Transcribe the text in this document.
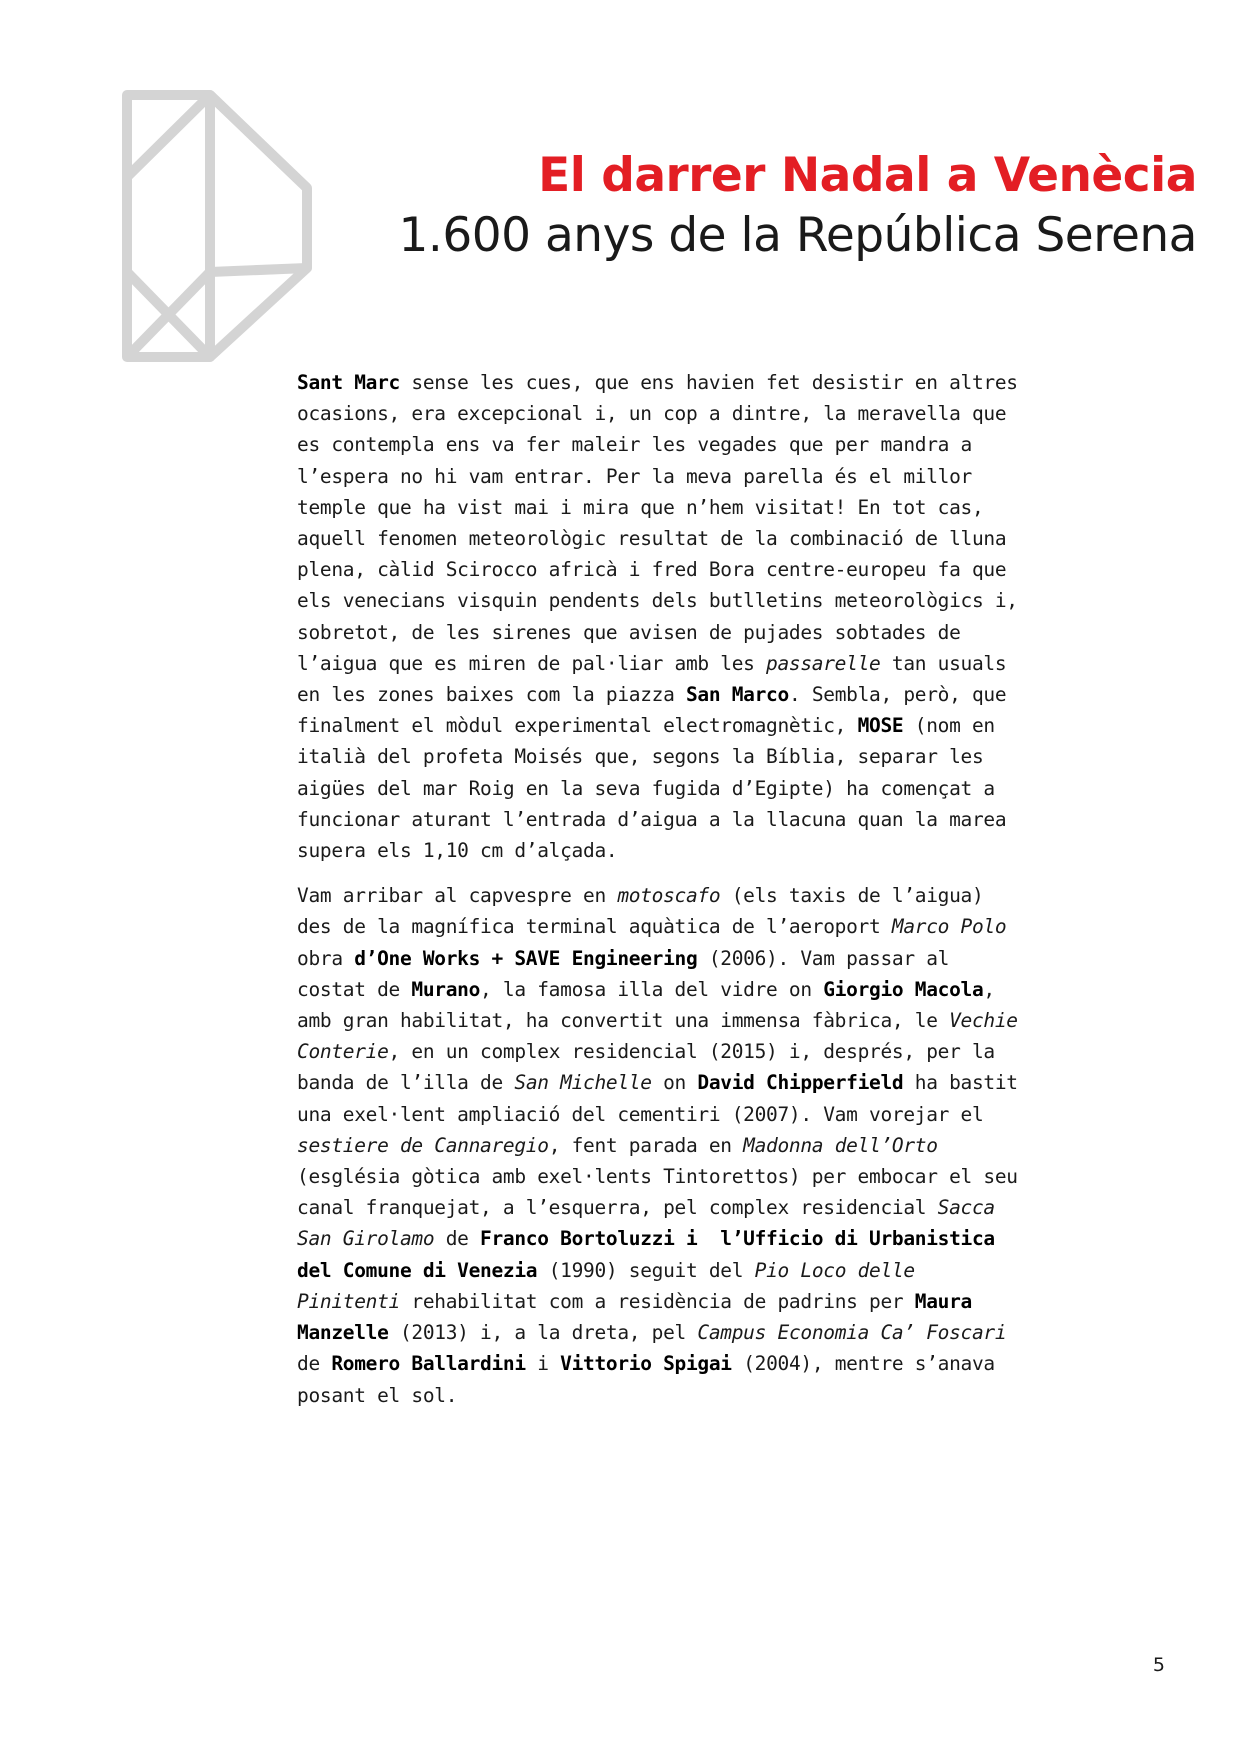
El darrer Nadal a Venècia
1.600 anys de la República Serena
Sant Marc sense les cues, que ens havien fet desistir en altres
ocasions, era excepcional i, un cop a dintre, la meravella que
es contempla ens va fer maleir les vegades que per mandra a
l’espera no hi vam entrar. Per la meva parella és el millor
temple que ha vist mai i mira que n’hem visitat! En tot cas,
aquell fenomen meteorològic resultat de la combinació de lluna
plena, càlid Scirocco africà i fred Bora centre-europeu fa que
els venecians visquin pendents dels butlletins meteorològics i,
sobretot, de les sirenes que avisen de pujades sobtades de
l’aigua que es miren de pal·liar amb les passarelle tan usuals
en les zones baixes com la piazza San Marco. Sembla, però, que
finalment el mòdul experimental electromagnètic, MOSE (nom en
italià del profeta Moisés que, segons la Bíblia, separar les
aigües del mar Roig en la seva fugida d’Egipte) ha començat a
funcionar aturant l’entrada d’aigua a la llacuna quan la marea
supera els 1,10 cm d’alçada.
Vam arribar al capvespre en motoscafo (els taxis de l’aigua)
des de la magnífica terminal aquàtica de l’aeroport Marco Polo
obra d’One Works + SAVE Engineering (2006). Vam passar al
costat de Murano, la famosa illa del vidre on Giorgio Macola,
amb gran habilitat, ha convertit una immensa fàbrica, le Vechie
Conterie, en un complex residencial (2015) i, després, per la
banda de l’illa de San Michelle on David Chipperfield ha bastit
una exel·lent ampliació del cementiri (2007). Vam vorejar el
sestiere de Cannaregio, fent parada en Madonna dell’Orto
(església gòtica amb exel·lents Tintorettos) per embocar el seu
canal franquejat, a l’esquerra, pel complex residencial Sacca
San Girolamo de Franco Bortoluzzi i  l’Ufficio di Urbanistica
del Comune di Venezia (1990) seguit del Pio Loco delle
Pinitenti rehabilitat com a residència de padrins per Maura
Manzelle (2013) i, a la dreta, pel Campus Economia Ca’ Foscari
de Romero Ballardini i Vittorio Spigai (2004), mentre s’anava
posant el sol.
5
